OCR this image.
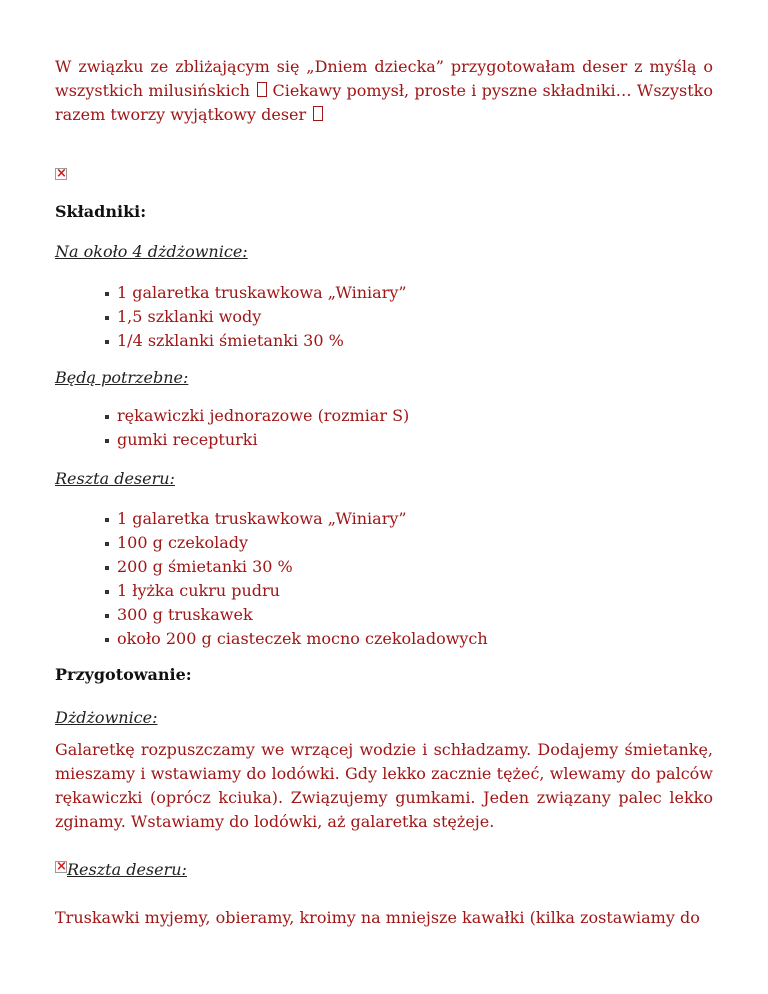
W związku ze zbliżającym się „Dniem dziecka” przygotowałam deser z myślą o wszystkich milusińskich  Ciekawy pomysł, proste i pyszne składniki… Wszystko razem tworzy wyjątkowy deser

×
Składniki:
Na około 4 dżdżownice:
1 galaretka truskawkowa „Winiary”
1,5 szklanki wody
1/4 szklanki śmietanki 30 %
Będą potrzebne:
rękawiczki jednorazowe (rozmiar S)
gumki recepturki
Reszta deseru:
1 galaretka truskawkowa „Winiary”
100 g czekolady
200 g śmietanki 30 %
1 łyżka cukru pudru
300 g truskawek
około 200 g ciasteczek mocno czekoladowych
Przygotowanie:
Dżdżownice:

Galaretkę rozpuszczamy we wrzącej wodzie i schładzamy. Dodajemy śmietankę, mieszamy i wstawiamy do lodówki. Gdy lekko zacznie tężeć, wlewamy do palców rękawiczki (oprócz kciuka). Związujemy gumkami. Jeden związany palec lekko zginamy. Wstawiamy do lodówki, aż galaretka stężeje.

×Reszta deseru:

Truskawki myjemy, obieramy, kroimy na mniejsze kawałki (kilka zostawiamy do
